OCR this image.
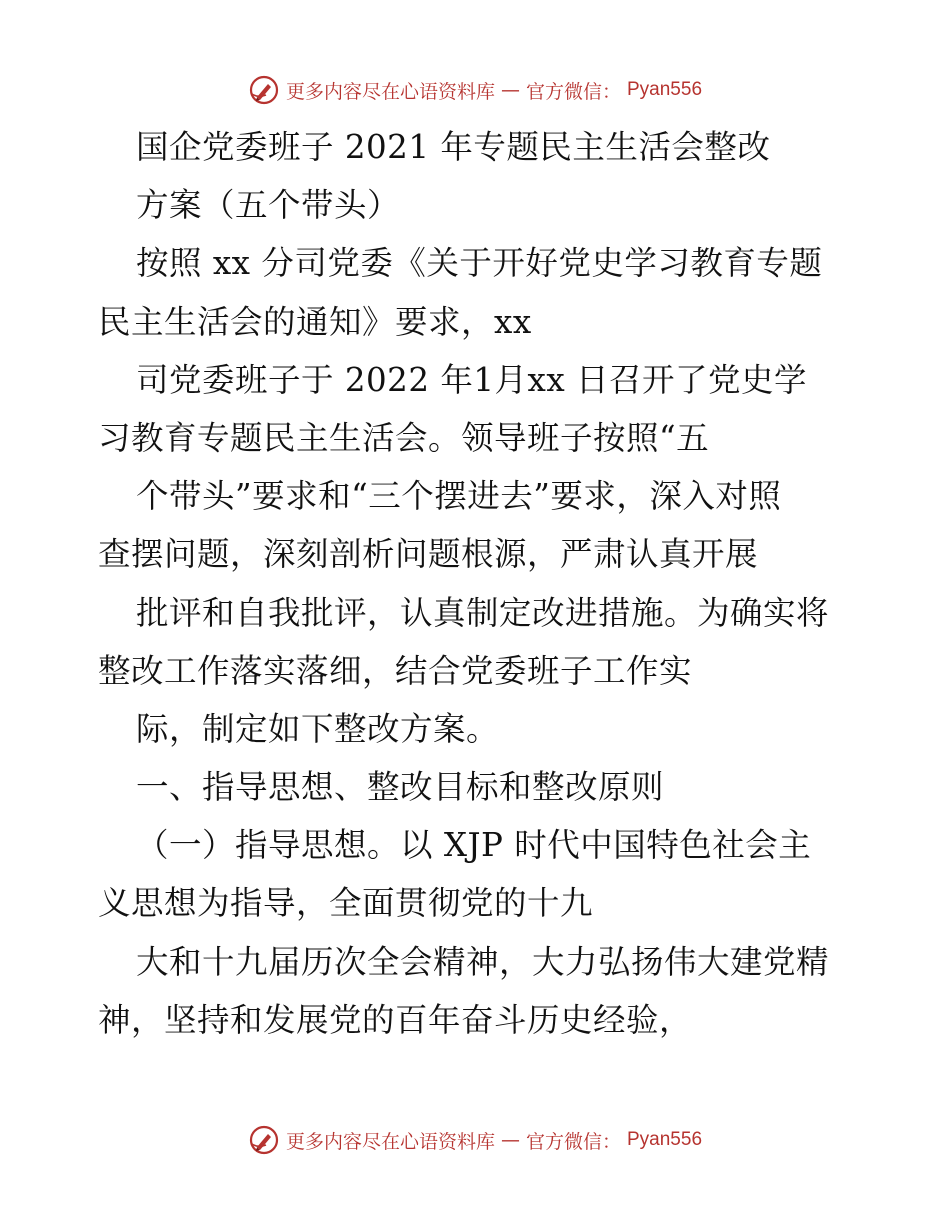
更多内容尽在心语资料库 — 官方微信： Pyan556
国企党委班子 2021 年专题民主生活会整改
方案（五个带头）
按照 xx 分司党委《关于开好党史学习教育专题
民主生活会的通知》要求，xx
司党委班子于 2022 年1月xx 日召开了党史学
习教育专题民主生活会。领导班子按照“五
个带头”要求和“三个摆进去”要求，深入对照
查摆问题，深刻剖析问题根源，严肃认真开展
批评和自我批评，认真制定改进措施。为确实将
整改工作落实落细，结合党委班子工作实
际，制定如下整改方案。
一、指导思想、整改目标和整改原则
（一）指导思想。以 XJP 时代中国特色社会主
义思想为指导，全面贯彻党的十九
大和十九届历次全会精神，大力弘扬伟大建党精
神，坚持和发展党的百年奋斗历史经验，
更多内容尽在心语资料库 — 官方微信： Pyan556
